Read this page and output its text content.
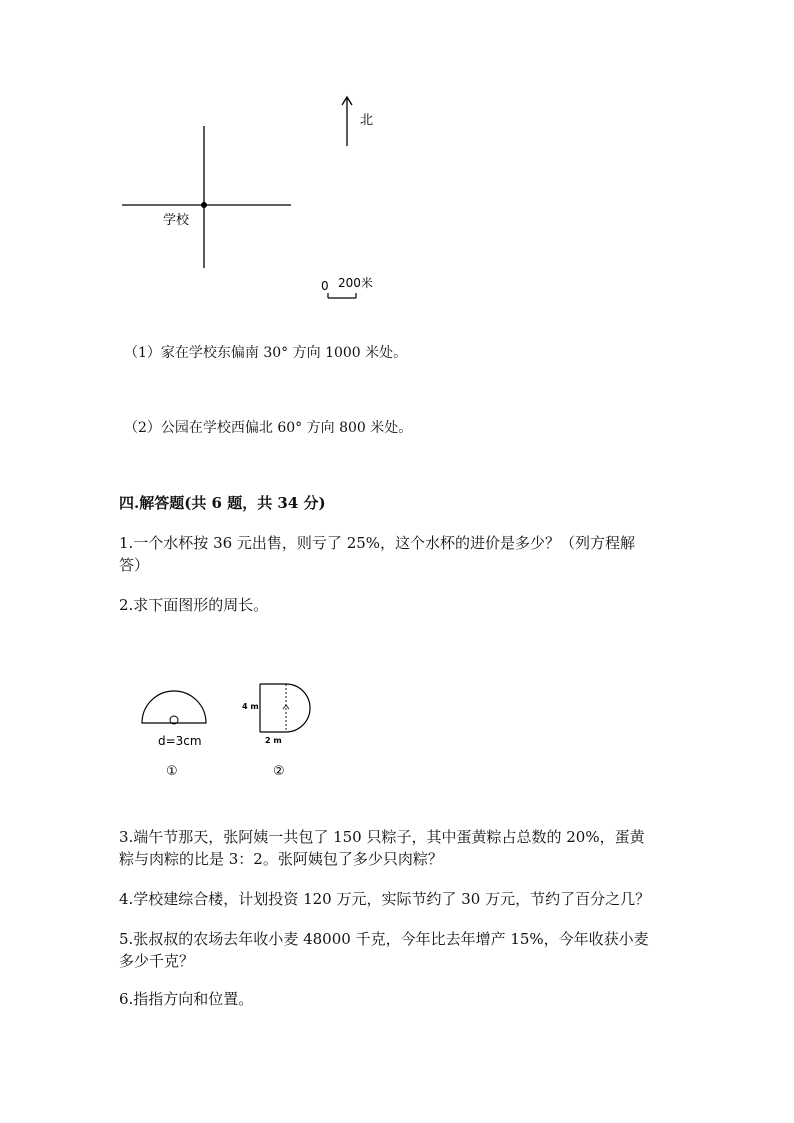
北
学校
0 200米
（1）家在学校东偏南 30° 方向 1000 米处。
（2）公园在学校西偏北 60° 方向 800 米处。
四.解答题(共 6 题，共 34 分)
1.一个水杯按 36 元出售，则亏了 25%，这个水杯的进价是多少？（列方程解
答）
2.求下面图形的周长。
d=3cm
①
4 m
2 m
②
3.端午节那天，张阿姨一共包了 150 只粽子，其中蛋黄粽占总数的 20%，蛋黄
粽与肉粽的比是 3：2。张阿姨包了多少只肉粽？
4.学校建综合楼，计划投资 120 万元，实际节约了 30 万元，节约了百分之几？
5.张叔叔的农场去年收小麦 48000 千克，今年比去年增产 15%，今年收获小麦
多少千克？
6.指指方向和位置。
